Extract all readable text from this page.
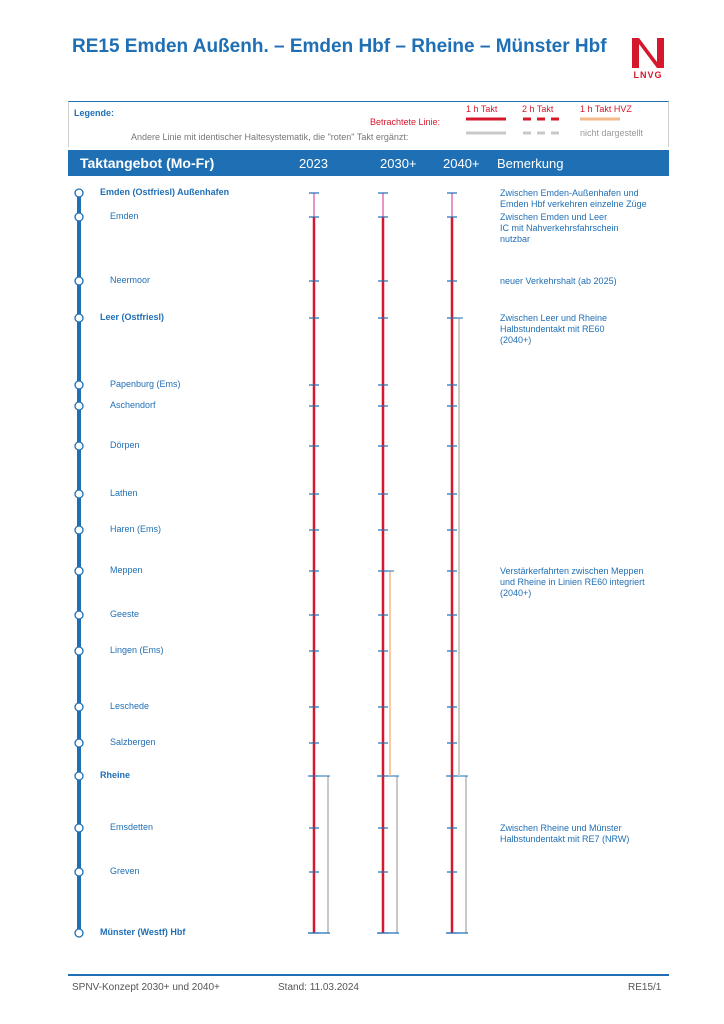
RE15 Emden Außenh. – Emden Hbf – Rheine – Münster Hbf
LNVG
Legende:
Betrachtete Linie:
Andere Linie mit identischer Haltesystematik, die "roten" Takt ergänzt:
1 h Takt	2 h Takt	1 h Takt HVZ
nicht dargestellt
Taktangebot (Mo-Fr)	2023	2030+ 2040+ Bemerkung
Emden (Ostfriesl) Außenhafen
Emden
Neermoor
Leer (Ostfriesl)
Papenburg (Ems)
Aschendorf
Dörpen
Lathen
Haren (Ems)
Meppen
Geeste
Lingen (Ems)
Leschede
Salzbergen
Rheine
Emsdetten
Greven
Münster (Westf) Hbf
Zwischen Emden-Außenhafen und
Emden Hbf verkehren einzelne Züge
Zwischen Emden und Leer
IC mit Nahverkehrsfahrschein
nutzbar
neuer Verkehrshalt (ab 2025)
Zwischen Leer und Rheine
Halbstundentakt mit RE60
(2040+)
Verstärkerfahrten zwischen Meppen
und Rheine in Linien RE60 integriert
(2040+)
Zwischen Rheine und Münster
Halbstundentakt mit RE7 (NRW)
SPNV-Konzept 2030+ und 2040+	Stand: 11.03.2024	RE15/1
